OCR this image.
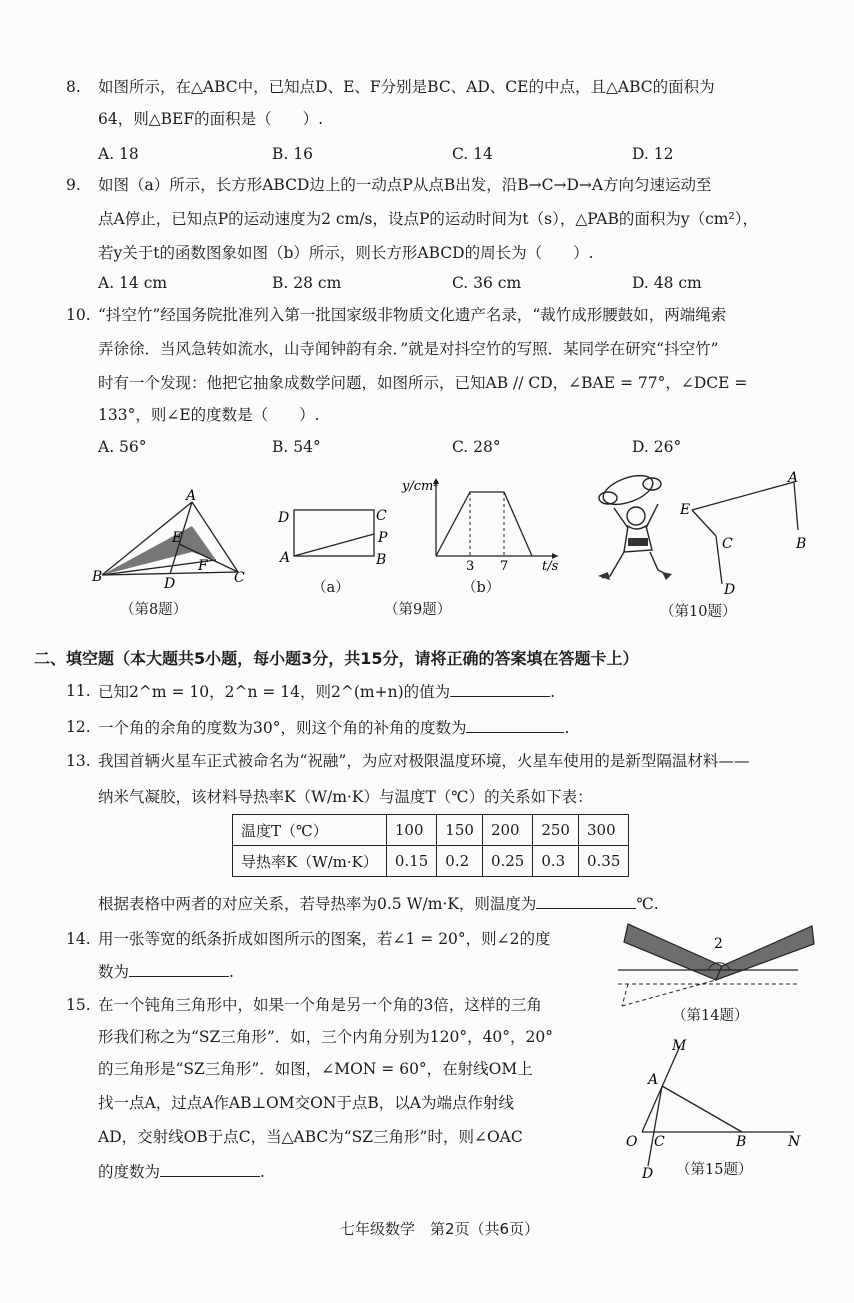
8. 如图所示，在△ABC中，已知点D、E、F分别是BC、AD、CE的中点，且△ABC的面积为
64，则△BEF的面积是（　　）.
A. 18	B. 16	C. 14	D. 12
9. 如图（a）所示，长方形ABCD边上的一动点P从点B出发，沿B→C→D→A方向匀速运动至
点A停止，已知点P的运动速度为2 cm/s，设点P的运动时间为t（s），△PAB的面积为y（cm²），
若y关于t的函数图象如图（b）所示，则长方形ABCD的周长为（　　）.
A. 14 cm	B. 28 cm	C. 36 cm	D. 48 cm
10. “抖空竹”经国务院批准列入第一批国家级非物质文化遗产名录，“裁竹成形腰鼓如，两端绳索
弄徐徐．当风急转如流水，山寺闻钟韵有余．”就是对抖空竹的写照．某同学在研究“抖空竹”
时有一个发现：他把它抽象成数学问题，如图所示，已知AB // CD，∠BAE = 77°，∠DCE =
133°，则∠E的度数是（　　）.
A. 56°	B. 54°	C. 28°	D. 26°
A
B	C
D
E
F
（第8题）
D	C
P
A	B
（a）
y/cm²
3 7	t/s
（b）
（第9题）
E
A
B
C
D
（第10题）
二、填空题（本大题共5小题，每小题3分，共15分，请将正确的答案填在答题卡上）
11. 已知2^m = 10，2^n = 14，则2^(m+n)的值为	.
12. 一个角的余角的度数为30°，则这个角的补角的度数为	.
13. 我国首辆火星车正式被命名为“祝融”，为应对极限温度环境，火星车使用的是新型隔温材料——
纳米气凝胶，该材料导热率K（W/m·K）与温度T（℃）的关系如下表：
温度T（℃）	100	150	200	250	300
导热率K（W/m·K）	0.15	0.2	0.25	0.3	0.35
根据表格中两者的对应关系，若导热率为0.5 W/m·K，则温度为	℃.
14. 用一张等宽的纸条折成如图所示的图案，若∠1 = 20°，则∠2的度
数为	.
2
（第14题）
15. 在一个钝角三角形中，如果一个角是另一个角的3倍，这样的三角
形我们称之为“SZ三角形”．如，三个内角分别为120°，40°，20°
的三角形是“SZ三角形”．如图，∠MON = 60°，在射线OM上
找一点A，过点A作AB⊥OM交ON于点B，以A为端点作射线
AD，交射线OB于点C，当△ABC为“SZ三角形”时，则∠OAC
的度数为	.
M
A
O C	B	N
D （第15题）
七年级数学　第2页（共6页）
